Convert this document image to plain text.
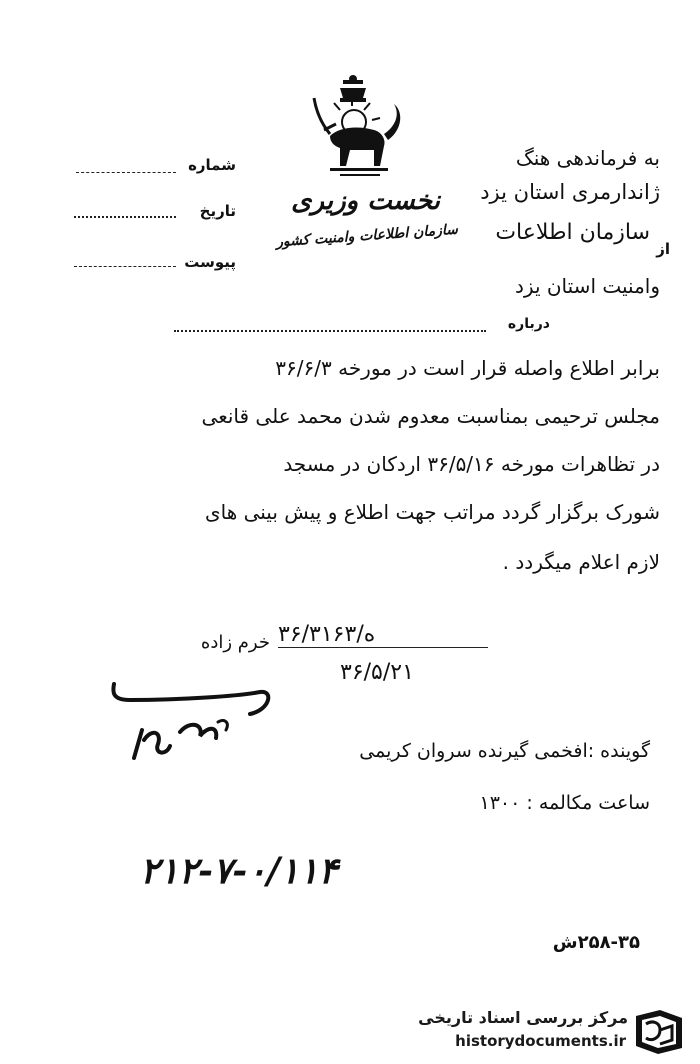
نخست وزیری
سازمان اطلاعات وامنیت کشور
شماره
تاریخ
پیوست
به فرماندهی هنگ
ژاندارمری استان یزد
از
سازمان اطلاعات
وامنیت استان یزد
درباره
برابر اطلاع واصله قرار است در مورخه ۳۶/۶/۳
مجلس ترحیمی بمناسبت معدوم شدن محمد علی قانعی
در تظاهرات مورخه ۳۶/۵/۱۶ اردکان در مسجد
شورک برگزار گردد مراتب جهت اطلاع و پیش بینی های
لازم اعلام میگردد .
خرم زاده ه/۳۶/۳۱۶۳
۳۶/۵/۲۱
گوینده :افخمی گیرنده سروان کریمی
ساعت مکالمه : ۱۳۰۰
۲۱۲-۷-۰/۱۱۴
۲۵۸-۳۵ش
مرکز بررسی اسناد تاریخی
historydocuments.ir
